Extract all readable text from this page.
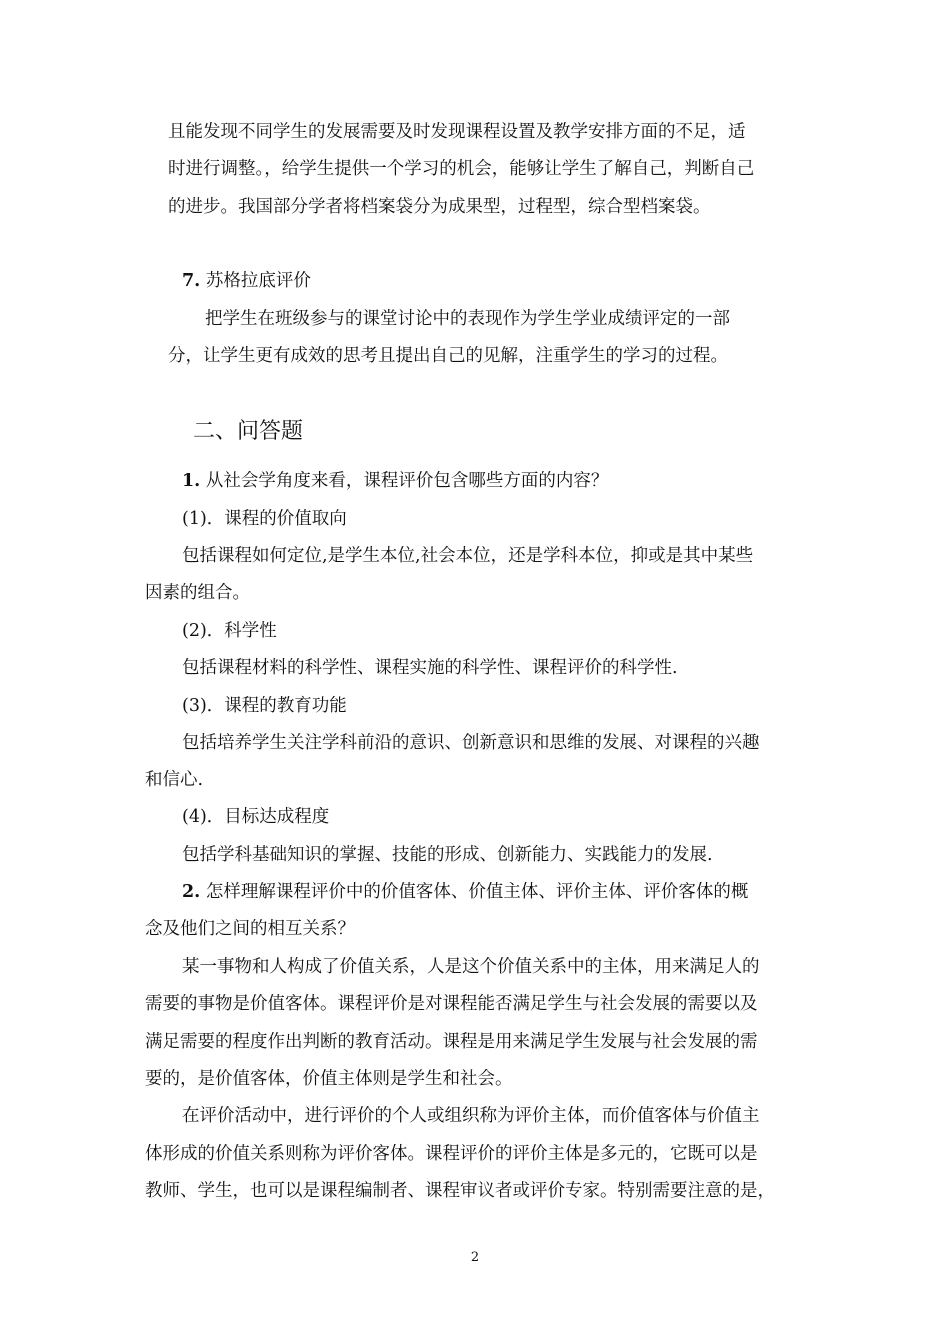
且能发现不同学生的发展需要及时发现课程设置及教学安排方面的不足，适
时进行调整。，给学生提供一个学习的机会，能够让学生了解自己，判断自己
的进步。我国部分学者将档案袋分为成果型，过程型，综合型档案袋。
7. 苏格拉底评价
把学生在班级参与的课堂讨论中的表现作为学生学业成绩评定的一部
分，让学生更有成效的思考且提出自己的见解，注重学生的学习的过程。
二、问答题
1. 从社会学角度来看，课程评价包含哪些方面的内容？
(1)．课程的价值取向
包括课程如何定位,是学生本位,社会本位，还是学科本位，抑或是其中某些
因素的组合。
(2)．科学性
包括课程材料的科学性、课程实施的科学性、课程评价的科学性.
(3)．课程的教育功能
包括培养学生关注学科前沿的意识、创新意识和思维的发展、对课程的兴趣
和信心.
(4)．目标达成程度
包括学科基础知识的掌握、技能的形成、创新能力、实践能力的发展.
2. 怎样理解课程评价中的价值客体、价值主体、评价主体、评价客体的概
念及他们之间的相互关系？
某一事物和人构成了价值关系，人是这个价值关系中的主体，用来满足人的
需要的事物是价值客体。课程评价是对课程能否满足学生与社会发展的需要以及
满足需要的程度作出判断的教育活动。课程是用来满足学生发展与社会发展的需
要的，是价值客体，价值主体则是学生和社会。
在评价活动中，进行评价的个人或组织称为评价主体，而价值客体与价值主
体形成的价值关系则称为评价客体。课程评价的评价主体是多元的，它既可以是
教师、学生，也可以是课程编制者、课程审议者或评价专家。特别需要注意的是，
2
